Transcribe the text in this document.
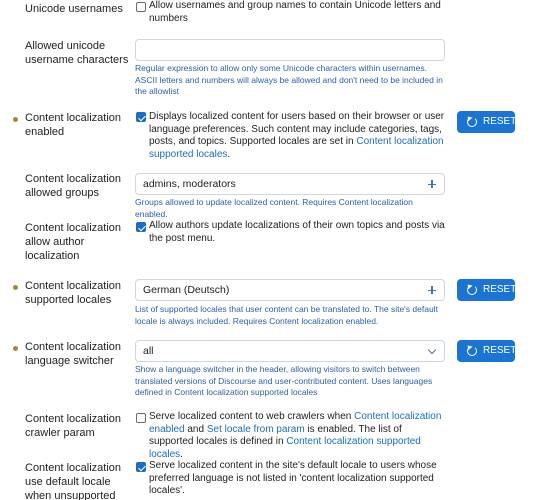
Unicode usernames	Allow usernames and group names to contain Unicode letters and numbers
Allowed unicode username characters
Regular expression to allow only some Unicode characters within usernames. ASCII letters and numbers will always be allowed and don't need to be included in the allowlist
Content localization enabled
Displays localized content for users based on their browser or user language preferences. Such content may include categories, tags, posts, and topics. Supported locales are set in Content localization supported locales.
RESET
Content localization allowed groups
admins, moderators
Groups allowed to update localized content. Requires Content localization enabled.
Content localization allow author localization
Allow authors update localizations of their own topics and posts via the post menu.
Content localization supported locales
German (Deutsch)
List of supported locales that user content can be translated to. The site's default locale is always included. Requires Content localization enabled.
RESET
Content localization language switcher
all
Show a language switcher in the header, allowing visitors to switch between translated versions of Discourse and user-contributed content. Uses languages defined in Content localization supported locales
RESET
Content localization crawler param
Serve localized content to web crawlers when Content localization enabled and Set locale from param is enabled. The list of supported locales is defined in Content localization supported locales.
Content localization use default locale when unsupported
Serve localized content in the site's default locale to users whose preferred language is not listed in 'content localization supported locales'.
